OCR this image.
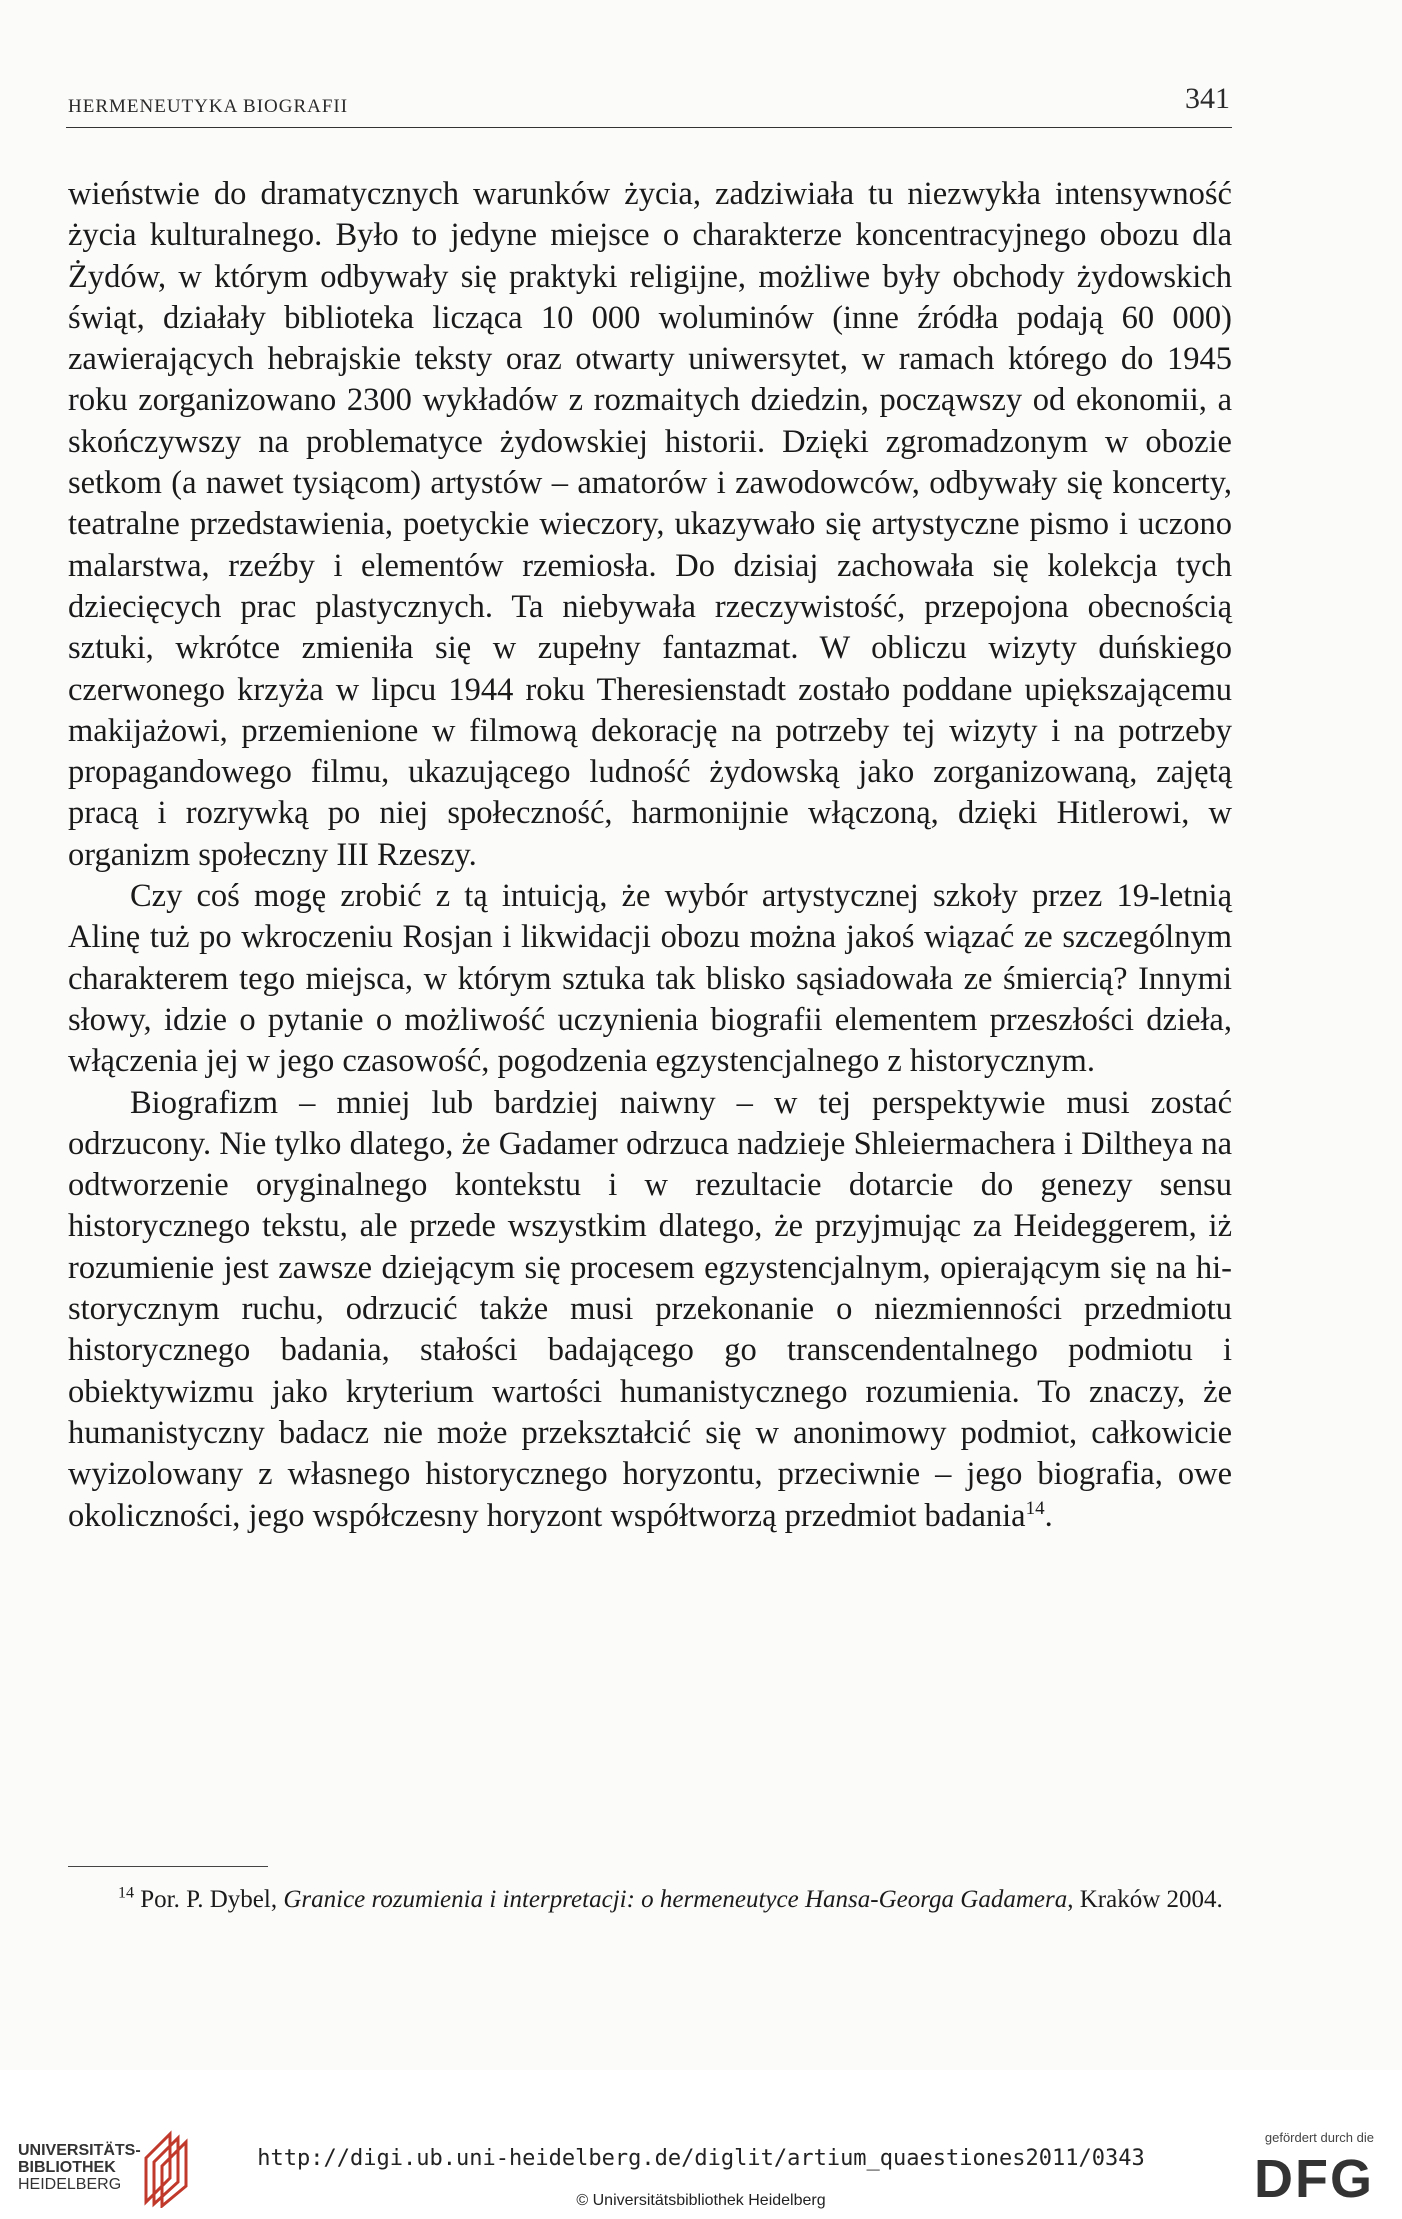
HERMENEUTYKA BIOGRAFII	341

wieństwie do dramatycznych warunków życia, zadziwiała tu niezwykła intensywność życia kulturalnego. Było to jedyne miejsce o charakterze koncentracyjnego obozu dla Żydów, w którym odbywały się praktyki religijne, możliwe były obchody żydowskich świąt, działały biblioteka licząca 10 000 woluminów (inne źródła podają 60 000) zawierających hebrajskie teksty oraz otwarty uniwersytet, w ramach którego do 1945 roku zorganizowano 2300 wykładów z rozmaitych dziedzin, począwszy od ekonomii, a skończywszy na problematyce żydowskiej historii. Dzięki zgromadzonym w obozie setkom (a nawet tysiącom) artystów – amatorów i zawodowców, odbywały się koncerty, teatralne przedstawienia, poetyckie wieczory, ukazywało się artystyczne pismo i uczono malarstwa, rzeźby i elementów rzemiosła. Do dzisiaj zachowała się kolekcja tych dziecięcych prac plastycznych. Ta niebywała rzeczywistość, przepojona obecnością sztuki, wkrótce zmieniła się w zupełny fantazmat. W obliczu wizyty duńskiego czerwonego krzyża w lipcu 1944 roku Theresienstadt zostało poddane upiększającemu makijażowi, przemienione w filmową dekorację na potrzeby tej wizyty i na potrzeby propagandowego filmu, ukazującego ludność żydowską jako zorganizowaną, zajętą pracą i rozrywką po niej społeczność, harmonijnie włączoną, dzięki Hitlerowi, w organizm społeczny III Rzeszy.

Czy coś mogę zrobić z tą intuicją, że wybór artystycznej szkoły przez 19-letnią Alinę tuż po wkroczeniu Rosjan i likwidacji obozu można jakoś wiązać ze szczególnym charakterem tego miejsca, w którym sztuka tak blisko sąsiadowała ze śmiercią? Innymi słowy, idzie o pytanie o możliwość uczynienia biografii elementem przeszłości dzieła, włączenia jej w jego czasowość, pogodzenia egzystencjalnego z historycznym.

Biografizm – mniej lub bardziej naiwny – w tej perspektywie musi zostać odrzucony. Nie tylko dlatego, że Gadamer odrzuca nadzieje Shleiermachera i Diltheya na odtworzenie oryginalnego kontekstu i w rezultacie dotarcie do genezy sensu historycznego tekstu, ale przede wszystkim dlatego, że przyjmując za Heideggerem, iż rozumienie jest zawsze dziejącym się procesem egzystencjalnym, opierającym się na historycznym ruchu, odrzucić także musi przekonanie o niezmienności przedmiotu historycznego badania, stałości badającego go transcendentalnego podmiotu i obiektywizmu jako kryterium wartości humanistycznego rozumienia. To znaczy, że humanistyczny badacz nie może przekształcić się w anonimowy podmiot, całkowicie wyizolowany z własnego historycznego horyzontu, przeciwnie – jego biografia, owe okoliczności, jego współczesny horyzont współtworzą przedmiot badania$^{14}$.

$^{14}$ Por. P. Dybel, Granice rozumienia i interpretacji: o hermeneutyce Hansa-Georga Gadamera, Kraków 2004.
UNIVERSITÄTS-
BIBLIOTHEK
HEIDELBERG
http://digi.ub.uni-heidelberg.de/diglit/artium_quaestiones2011/0343
© Universitätsbibliothek Heidelberg
gefördert durch die
DFG
